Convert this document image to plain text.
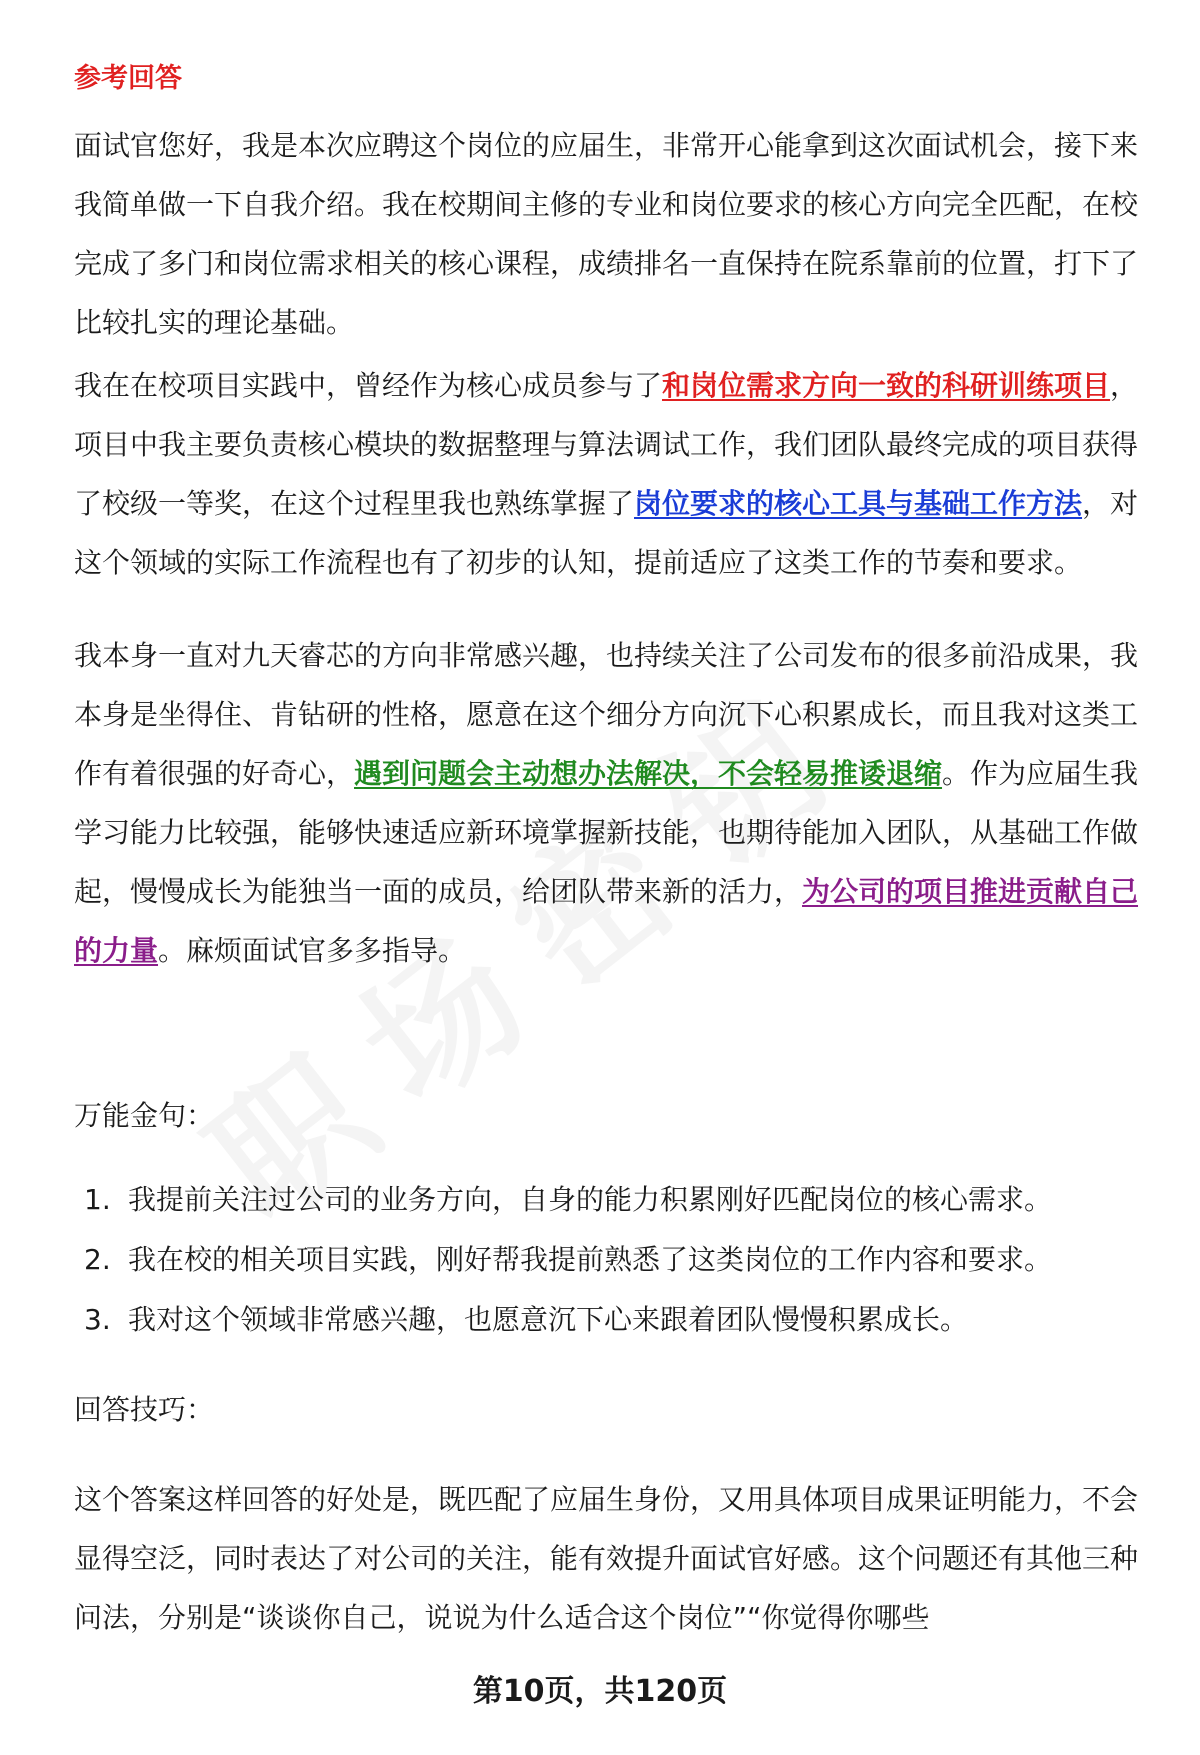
参考回答

面试官您好，我是本次应聘这个岗位的应届生，非常开心能拿到这次面试机会，接下来我简单做一下自我介绍。我在校期间主修的专业和岗位要求的核心方向完全匹配，在校完成了多门和岗位需求相关的核心课程，成绩排名一直保持在院系靠前的位置，打下了比较扎实的理论基础。

我在在校项目实践中，曾经作为核心成员参与了和岗位需求方向一致的科研训练项目，项目中我主要负责核心模块的数据整理与算法调试工作，我们团队最终完成的项目获得了校级一等奖，在这个过程里我也熟练掌握了岗位要求的核心工具与基础工作方法，对这个领域的实际工作流程也有了初步的认知，提前适应了这类工作的节奏和要求。

我本身一直对九天睿芯的方向非常感兴趣，也持续关注了公司发布的很多前沿成果，我本身是坐得住、肯钻研的性格，愿意在这个细分方向沉下心积累成长，而且我对这类工作有着很强的好奇心，遇到问题会主动想办法解决，不会轻易推诿退缩。作为应届生我学习能力比较强，能够快速适应新环境掌握新技能，也期待能加入团队，从基础工作做起，慢慢成长为能独当一面的成员，给团队带来新的活力，为公司的项目推进贡献自己的力量。麻烦面试官多多指导。

万能金句：
1. 我提前关注过公司的业务方向，自身的能力积累刚好匹配岗位的核心需求。
2. 我在校的相关项目实践，刚好帮我提前熟悉了这类岗位的工作内容和要求。
3. 我对这个领域非常感兴趣，也愿意沉下心来跟着团队慢慢积累成长。
回答技巧：

这个答案这样回答的好处是，既匹配了应届生身份，又用具体项目成果证明能力，不会显得空泛，同时表达了对公司的关注，能有效提升面试官好感。这个问题还有其他三种问法，分别是“谈谈你自己，说说为什么适合这个岗位”“你觉得你哪些

第10页，共120页
